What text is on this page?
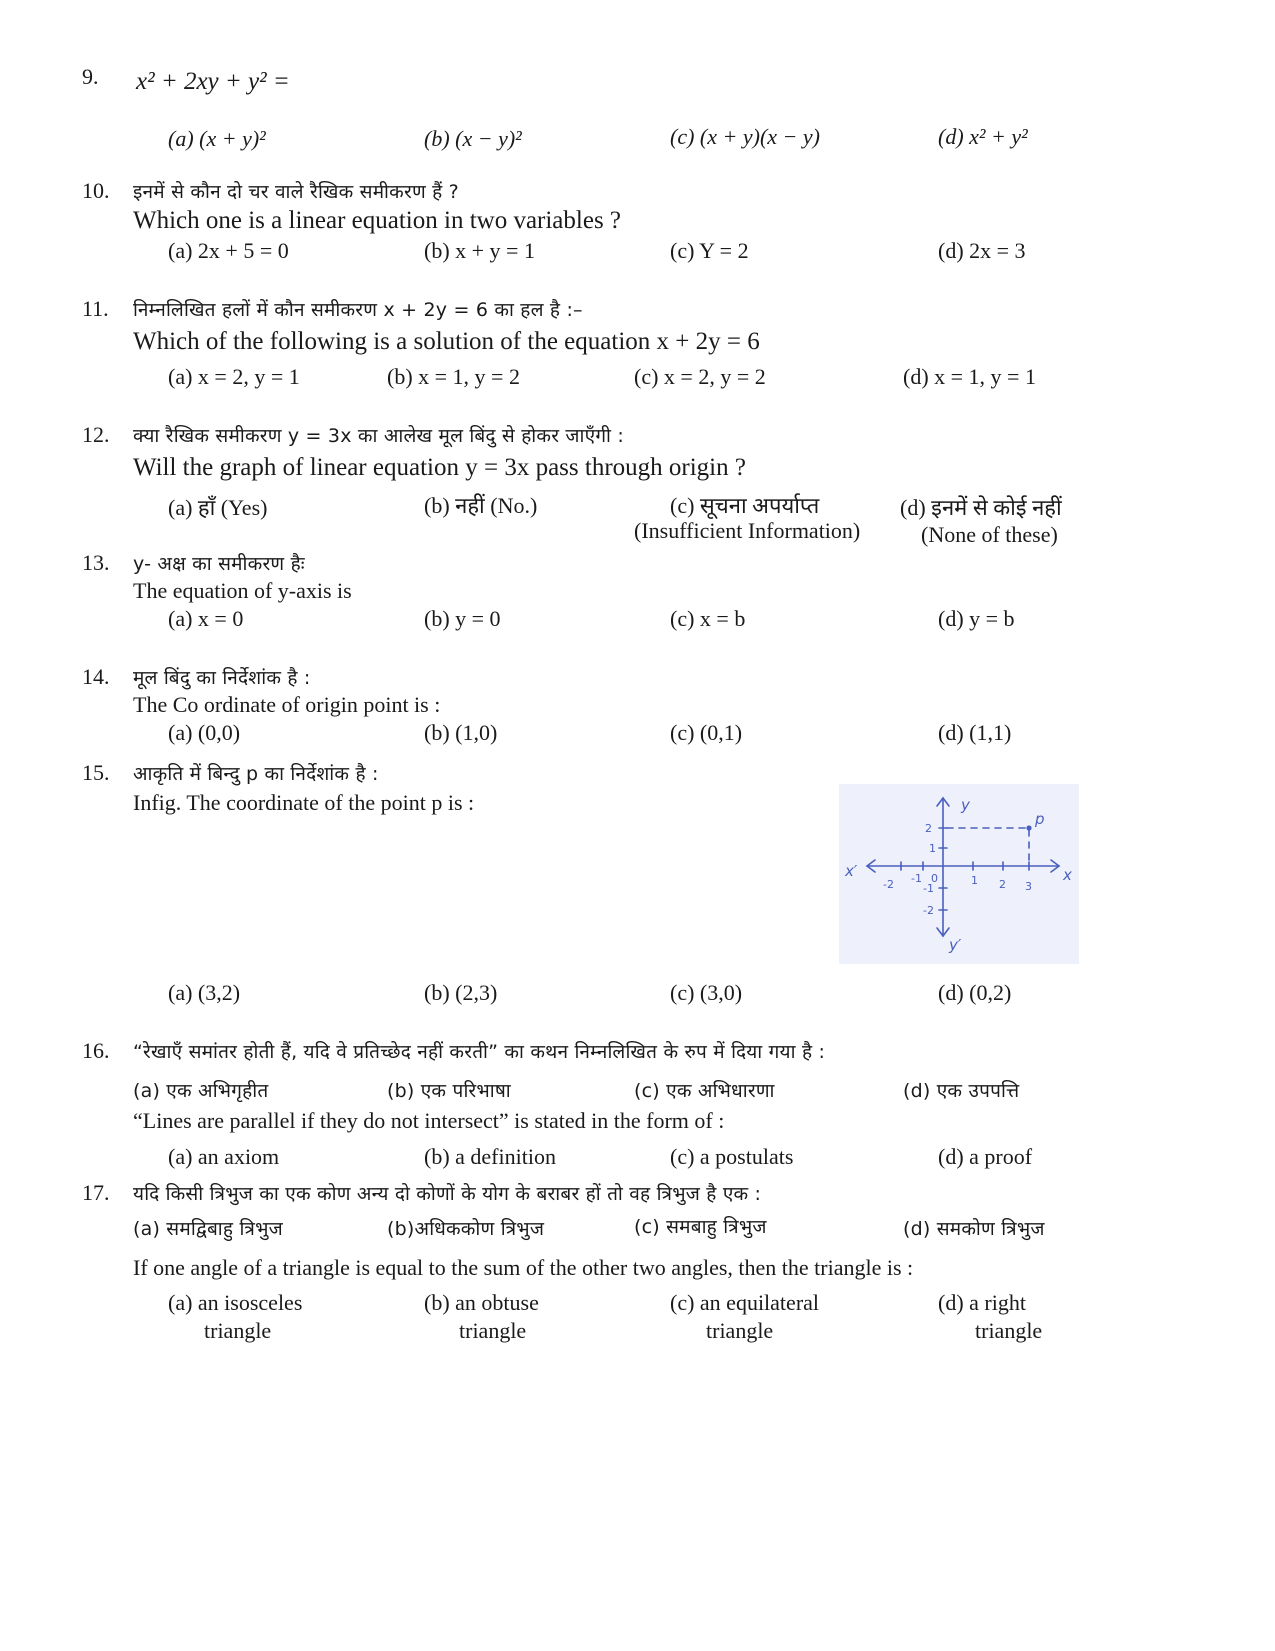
9. x² + 2xy + y² =
(a) (x + y)²	(b) (x − y)²	(c) (x + y)(x − y)	(d) x² + y²
10. इनमें से कौन दो चर वाले रैखिक समीकरण हैं ?
Which one is a linear equation in two variables ?
(a) 2x + 5 = 0	(b) x + y = 1	(c) Y = 2	(d) 2x = 3
11. निम्नलिखित हलों में कौन समीकरण x + 2y = 6 का हल है :–
Which of the following is a solution of the equation x + 2y = 6
(a) x = 2, y = 1	(b) x = 1, y = 2	(c) x = 2, y = 2	(d) x = 1, y = 1
12. क्या रैखिक समीकरण y = 3x का आलेख मूल बिंदु से होकर जाएँगी :
Will the graph of linear equation y = 3x pass through origin ?
(a) हाँ (Yes)	(b) नहीं (No.)	(c) सूचना अपर्याप्त
(Insufficient Information)
(d) इनमें से कोई नहीं
(None of these)
13. y- अक्ष का समीकरण हैः
The equation of y-axis is
(a) x = 0	(b) y = 0	(c) x = b	(d) y = b
14. मूल बिंदु का निर्देशांक है :
The Co ordinate of origin point is :
(a) (0,0)	(b) (1,0)	(c) (0,1)	(d) (1,1)
15. आकृति में बिन्दु p का निर्देशांक है :
Infig. The coordinate of the point p is :
p
x
x′
y
y′
-2 -1 0	1 2 3
2
1
-1
-2
(a) (3,2)	(b) (2,3)	(c) (3,0)	(d) (0,2)
16. “रेखाएँ समांतर होती हैं, यदि वे प्रतिच्छेद नहीं करती” का कथन निम्नलिखित के रुप में दिया गया है :
(a) एक अभिगृहीत	(b) एक परिभाषा	(c) एक अभिधारणा	(d) एक उपपत्ति
“Lines are parallel if they do not intersect” is stated in the form of :
(a) an axiom	(b) a definition	(c) a postulats	(d) a proof
17. यदि किसी त्रिभुज का एक कोण अन्य दो कोणों के योग के बराबर हों तो वह त्रिभुज है एक :
(a) समद्विबाहु त्रिभुज	(b)अधिककोण त्रिभुज	(c) समबाहु त्रिभुज	(d) समकोण त्रिभुज
If one angle of a triangle is equal to the sum of the other two angles, then the triangle is :
(a) an isosceles
triangle
(b) an obtuse
triangle
(c) an equilateral
triangle
(d) a right
triangle
